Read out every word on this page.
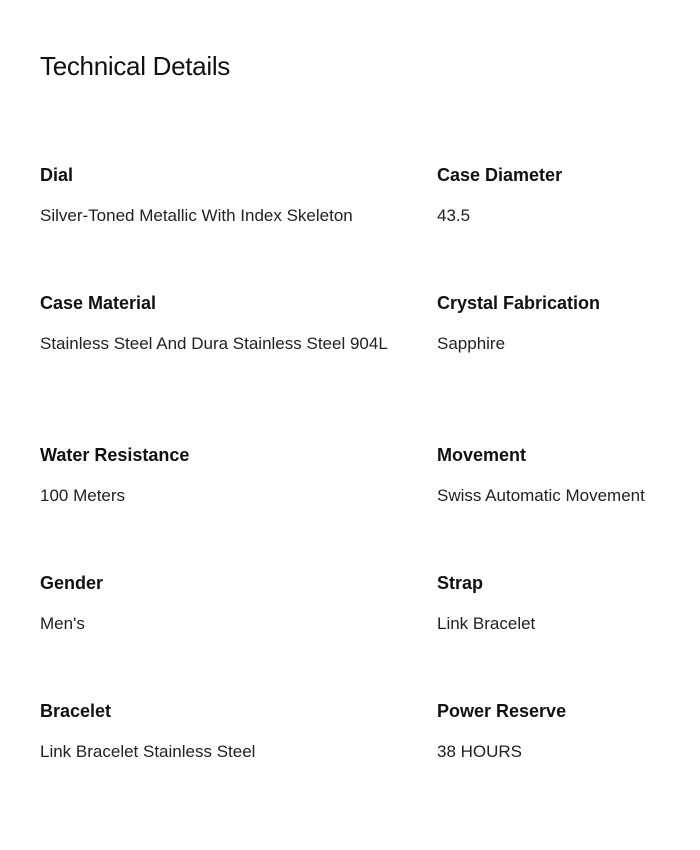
Technical Details
Dial
Silver-Toned Metallic With Index Skeleton
Case Diameter
43.5
Case Material
Stainless Steel And Dura Stainless Steel 904L
Crystal Fabrication
Sapphire
Water Resistance
100 Meters
Movement
Swiss Automatic Movement
Gender
Men's
Strap
Link Bracelet
Bracelet
Link Bracelet Stainless Steel
Power Reserve
38 HOURS
